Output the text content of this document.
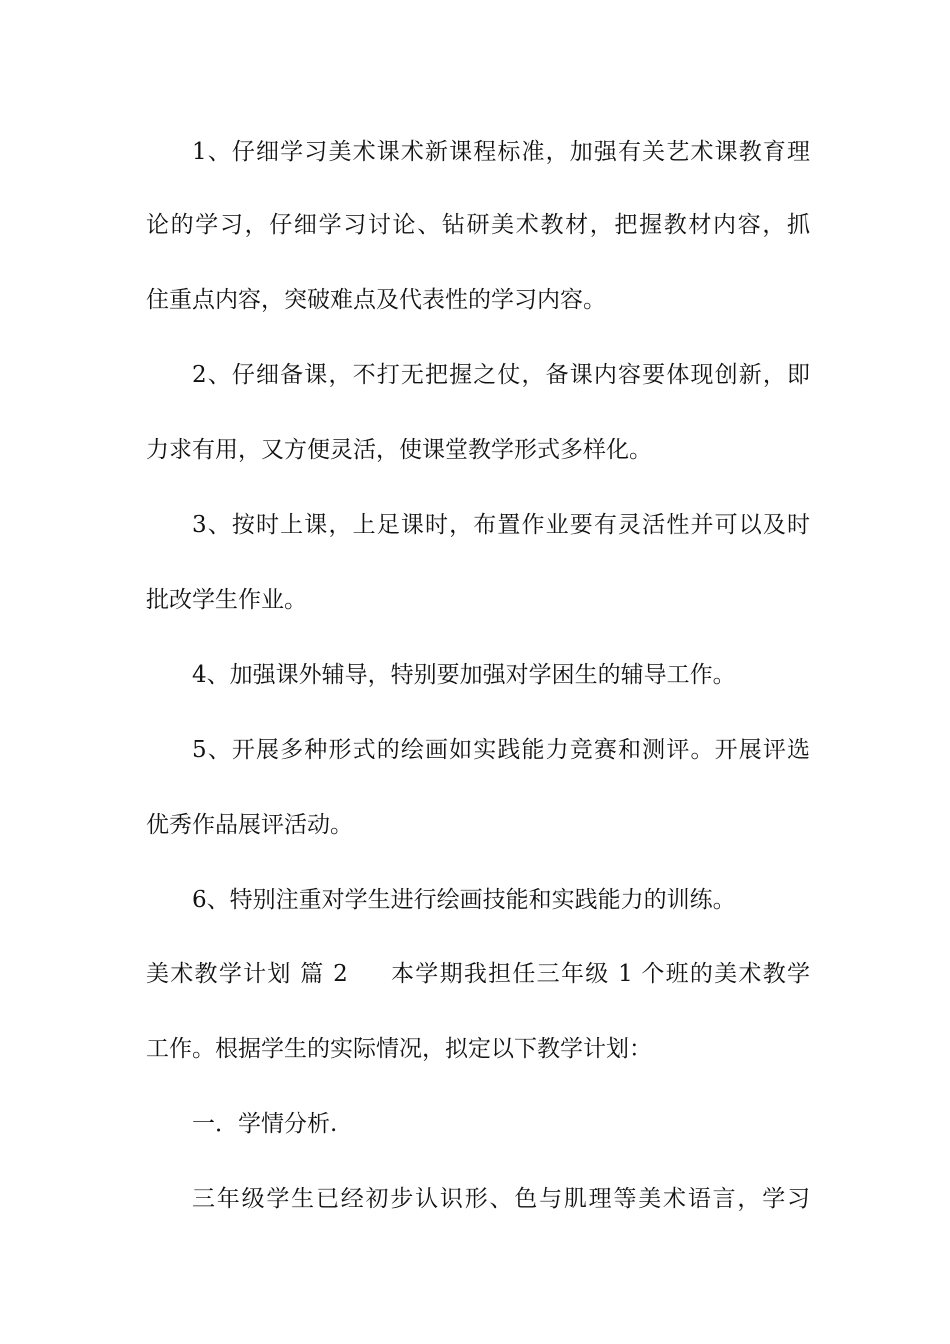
1、仔细学习美术课术新课程标准，加强有关艺术课教育理
论的学习，仔细学习讨论、钻研美术教材，把握教材内容，抓
住重点内容，突破难点及代表性的学习内容。
2、仔细备课，不打无把握之仗，备课内容要体现创新，即
力求有用，又方便灵活，使课堂教学形式多样化。
3、按时上课，上足课时，布置作业要有灵活性并可以及时
批改学生作业。
4、加强课外辅导，特别要加强对学困生的辅导工作。
5、开展多种形式的绘画如实践能力竞赛和测评。开展评选
优秀作品展评活动。
6、特别注重对学生进行绘画技能和实践能力的训练。
美术教学计划 篇 2 本学期我担任三年级 1 个班的美术教学
工作。根据学生的实际情况，拟定以下教学计划：
一．学情分析.
三年级学生已经初步认识形、色与肌理等美术语言，学习
